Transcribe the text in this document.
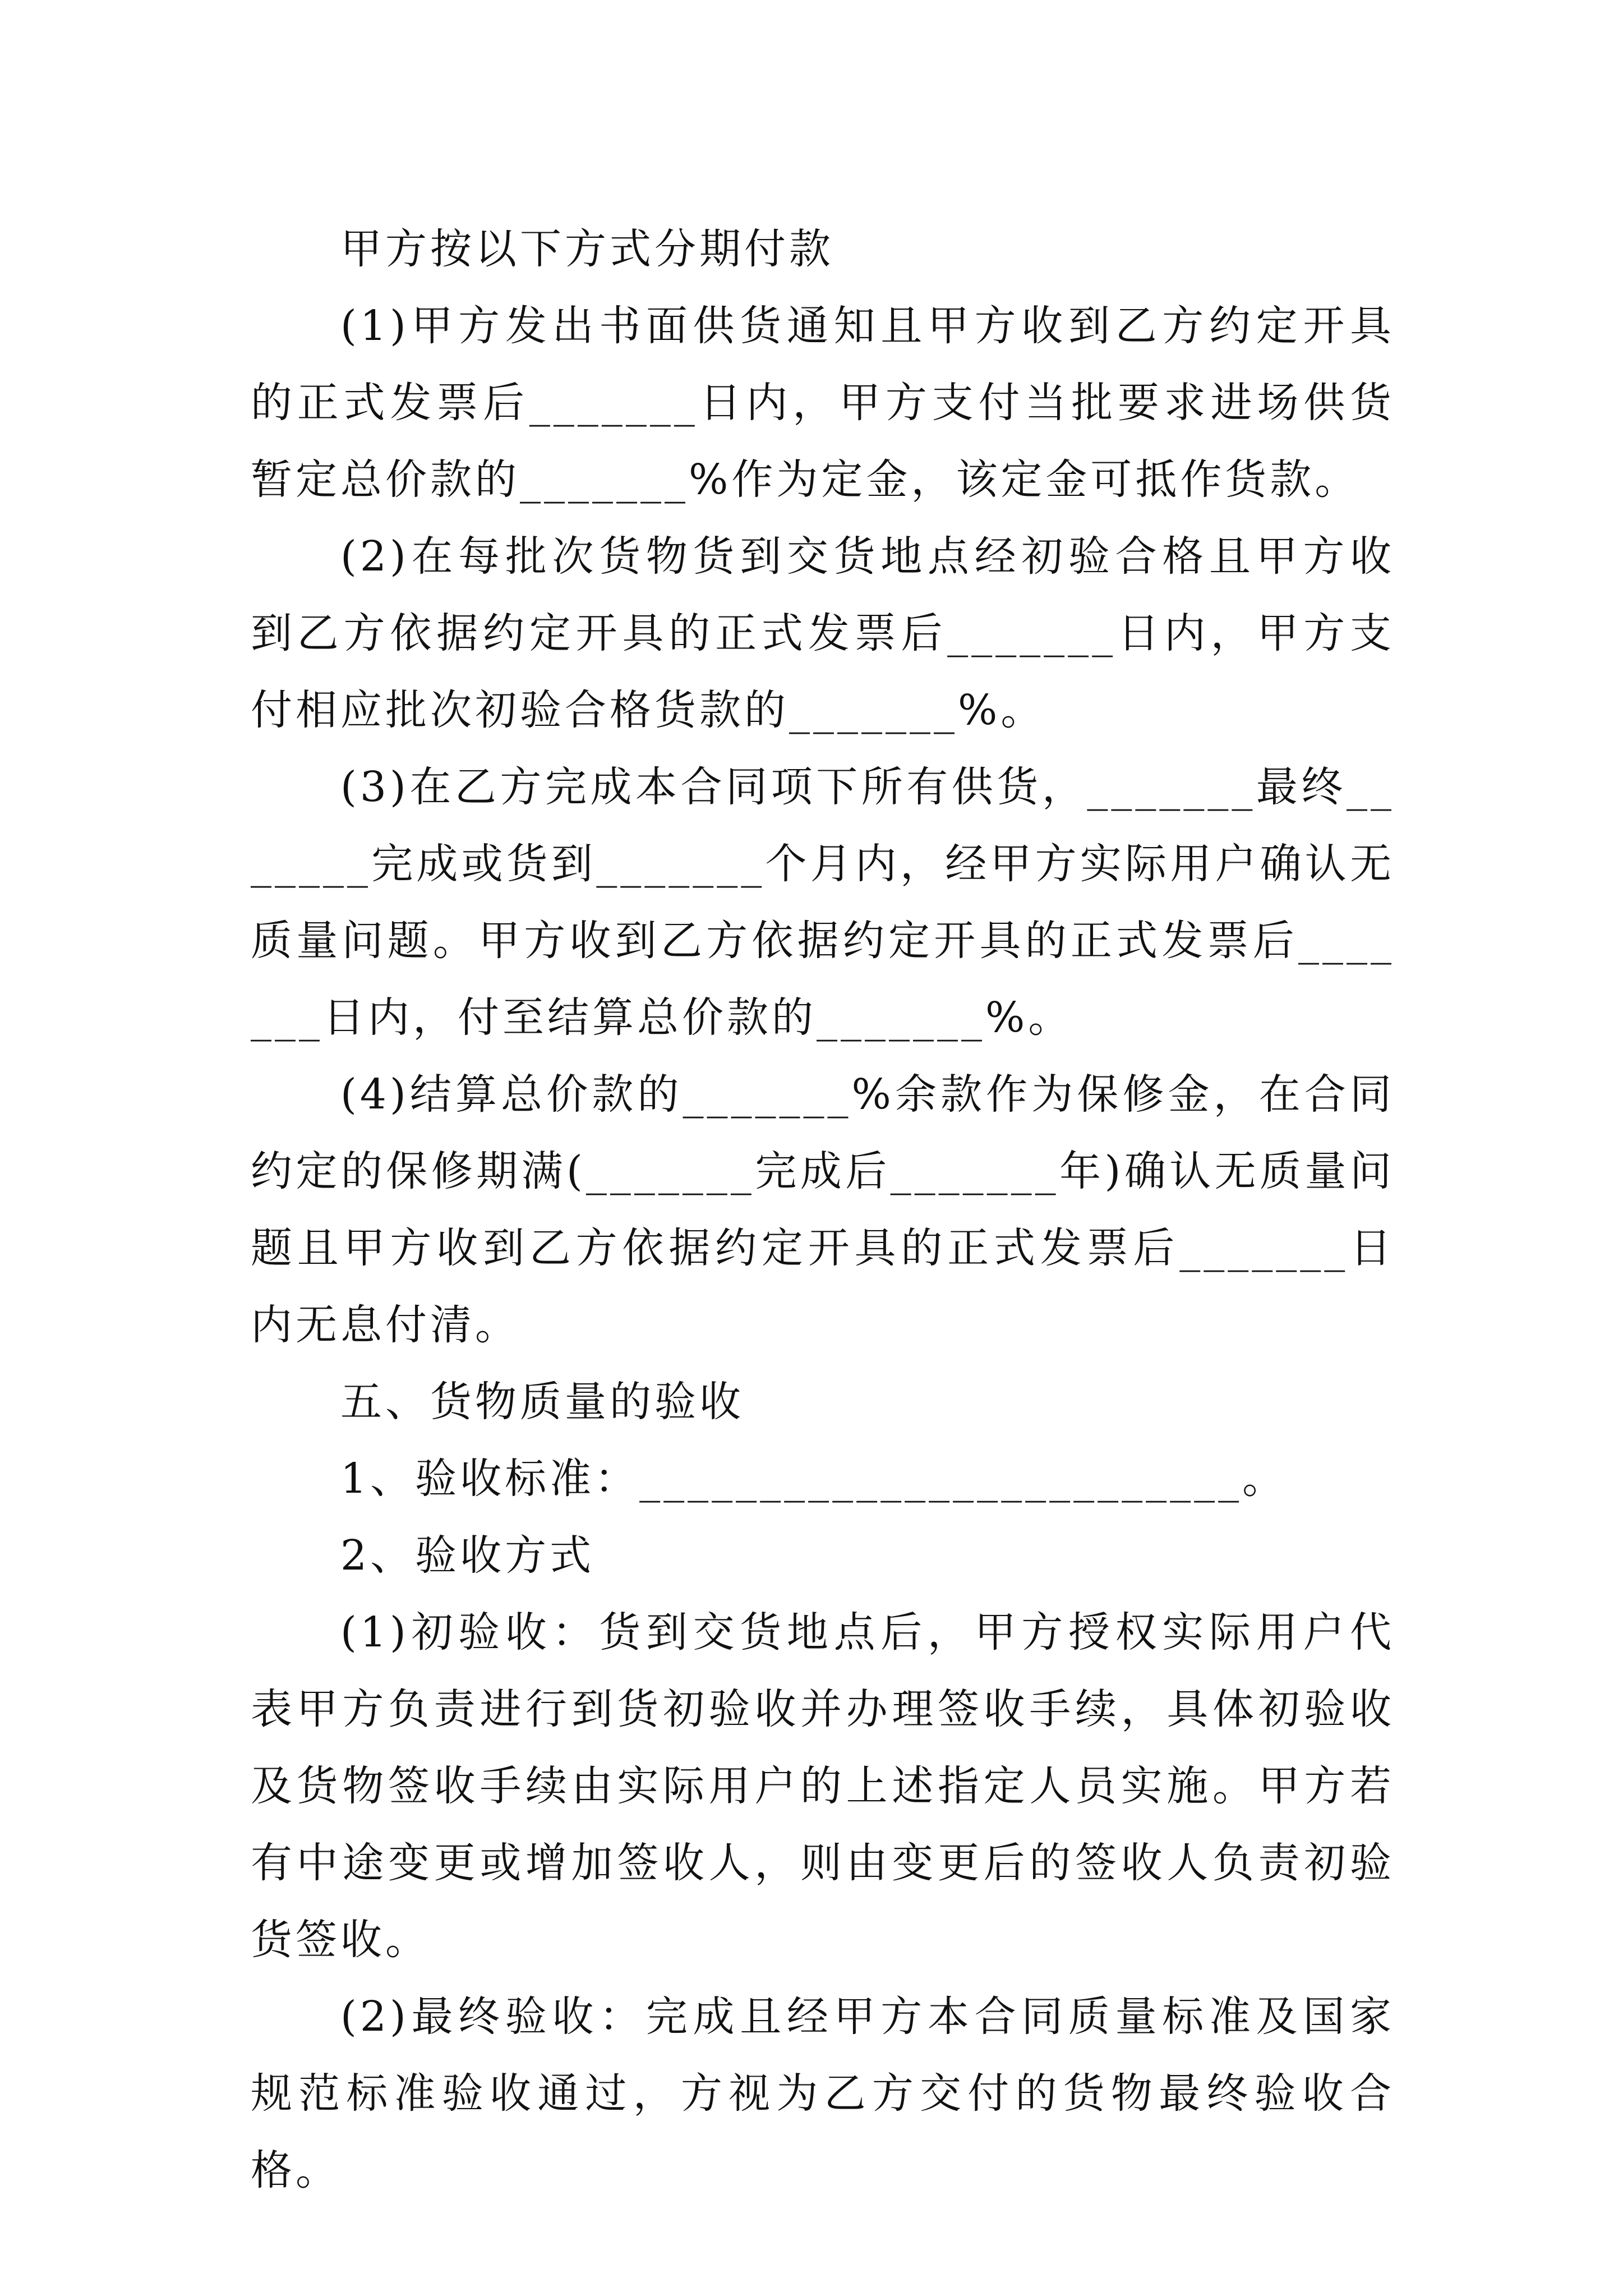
甲方按以下方式分期付款

(1)甲方发出书面供货通知且甲方收到乙方约定开具的正式发票后_______日内，甲方支付当批要求进场供货暂定总价款的_______%作为定金，该定金可抵作货款。

(2)在每批次货物货到交货地点经初验合格且甲方收到乙方依据约定开具的正式发票后_______日内，甲方支付相应批次初验合格货款的_______%。

(3)在乙方完成本合同项下所有供货，_______最终_______完成或货到_______个月内，经甲方实际用户确认无质量问题。甲方收到乙方依据约定开具的正式发票后_______日内，付至结算总价款的_______%。

(4)结算总价款的_______%余款作为保修金，在合同约定的保修期满(_______完成后_______年)确认无质量问题且甲方收到乙方依据约定开具的正式发票后_______日内无息付清。

五、货物质量的验收

1、验收标准：_________________________。

2、验收方式

(1)初验收：货到交货地点后，甲方授权实际用户代表甲方负责进行到货初验收并办理签收手续，具体初验收及货物签收手续由实际用户的上述指定人员实施。甲方若有中途变更或增加签收人，则由变更后的签收人负责初验货签收。

(2)最终验收：完成且经甲方本合同质量标准及国家规范标准验收通过，方视为乙方交付的货物最终验收合格。
